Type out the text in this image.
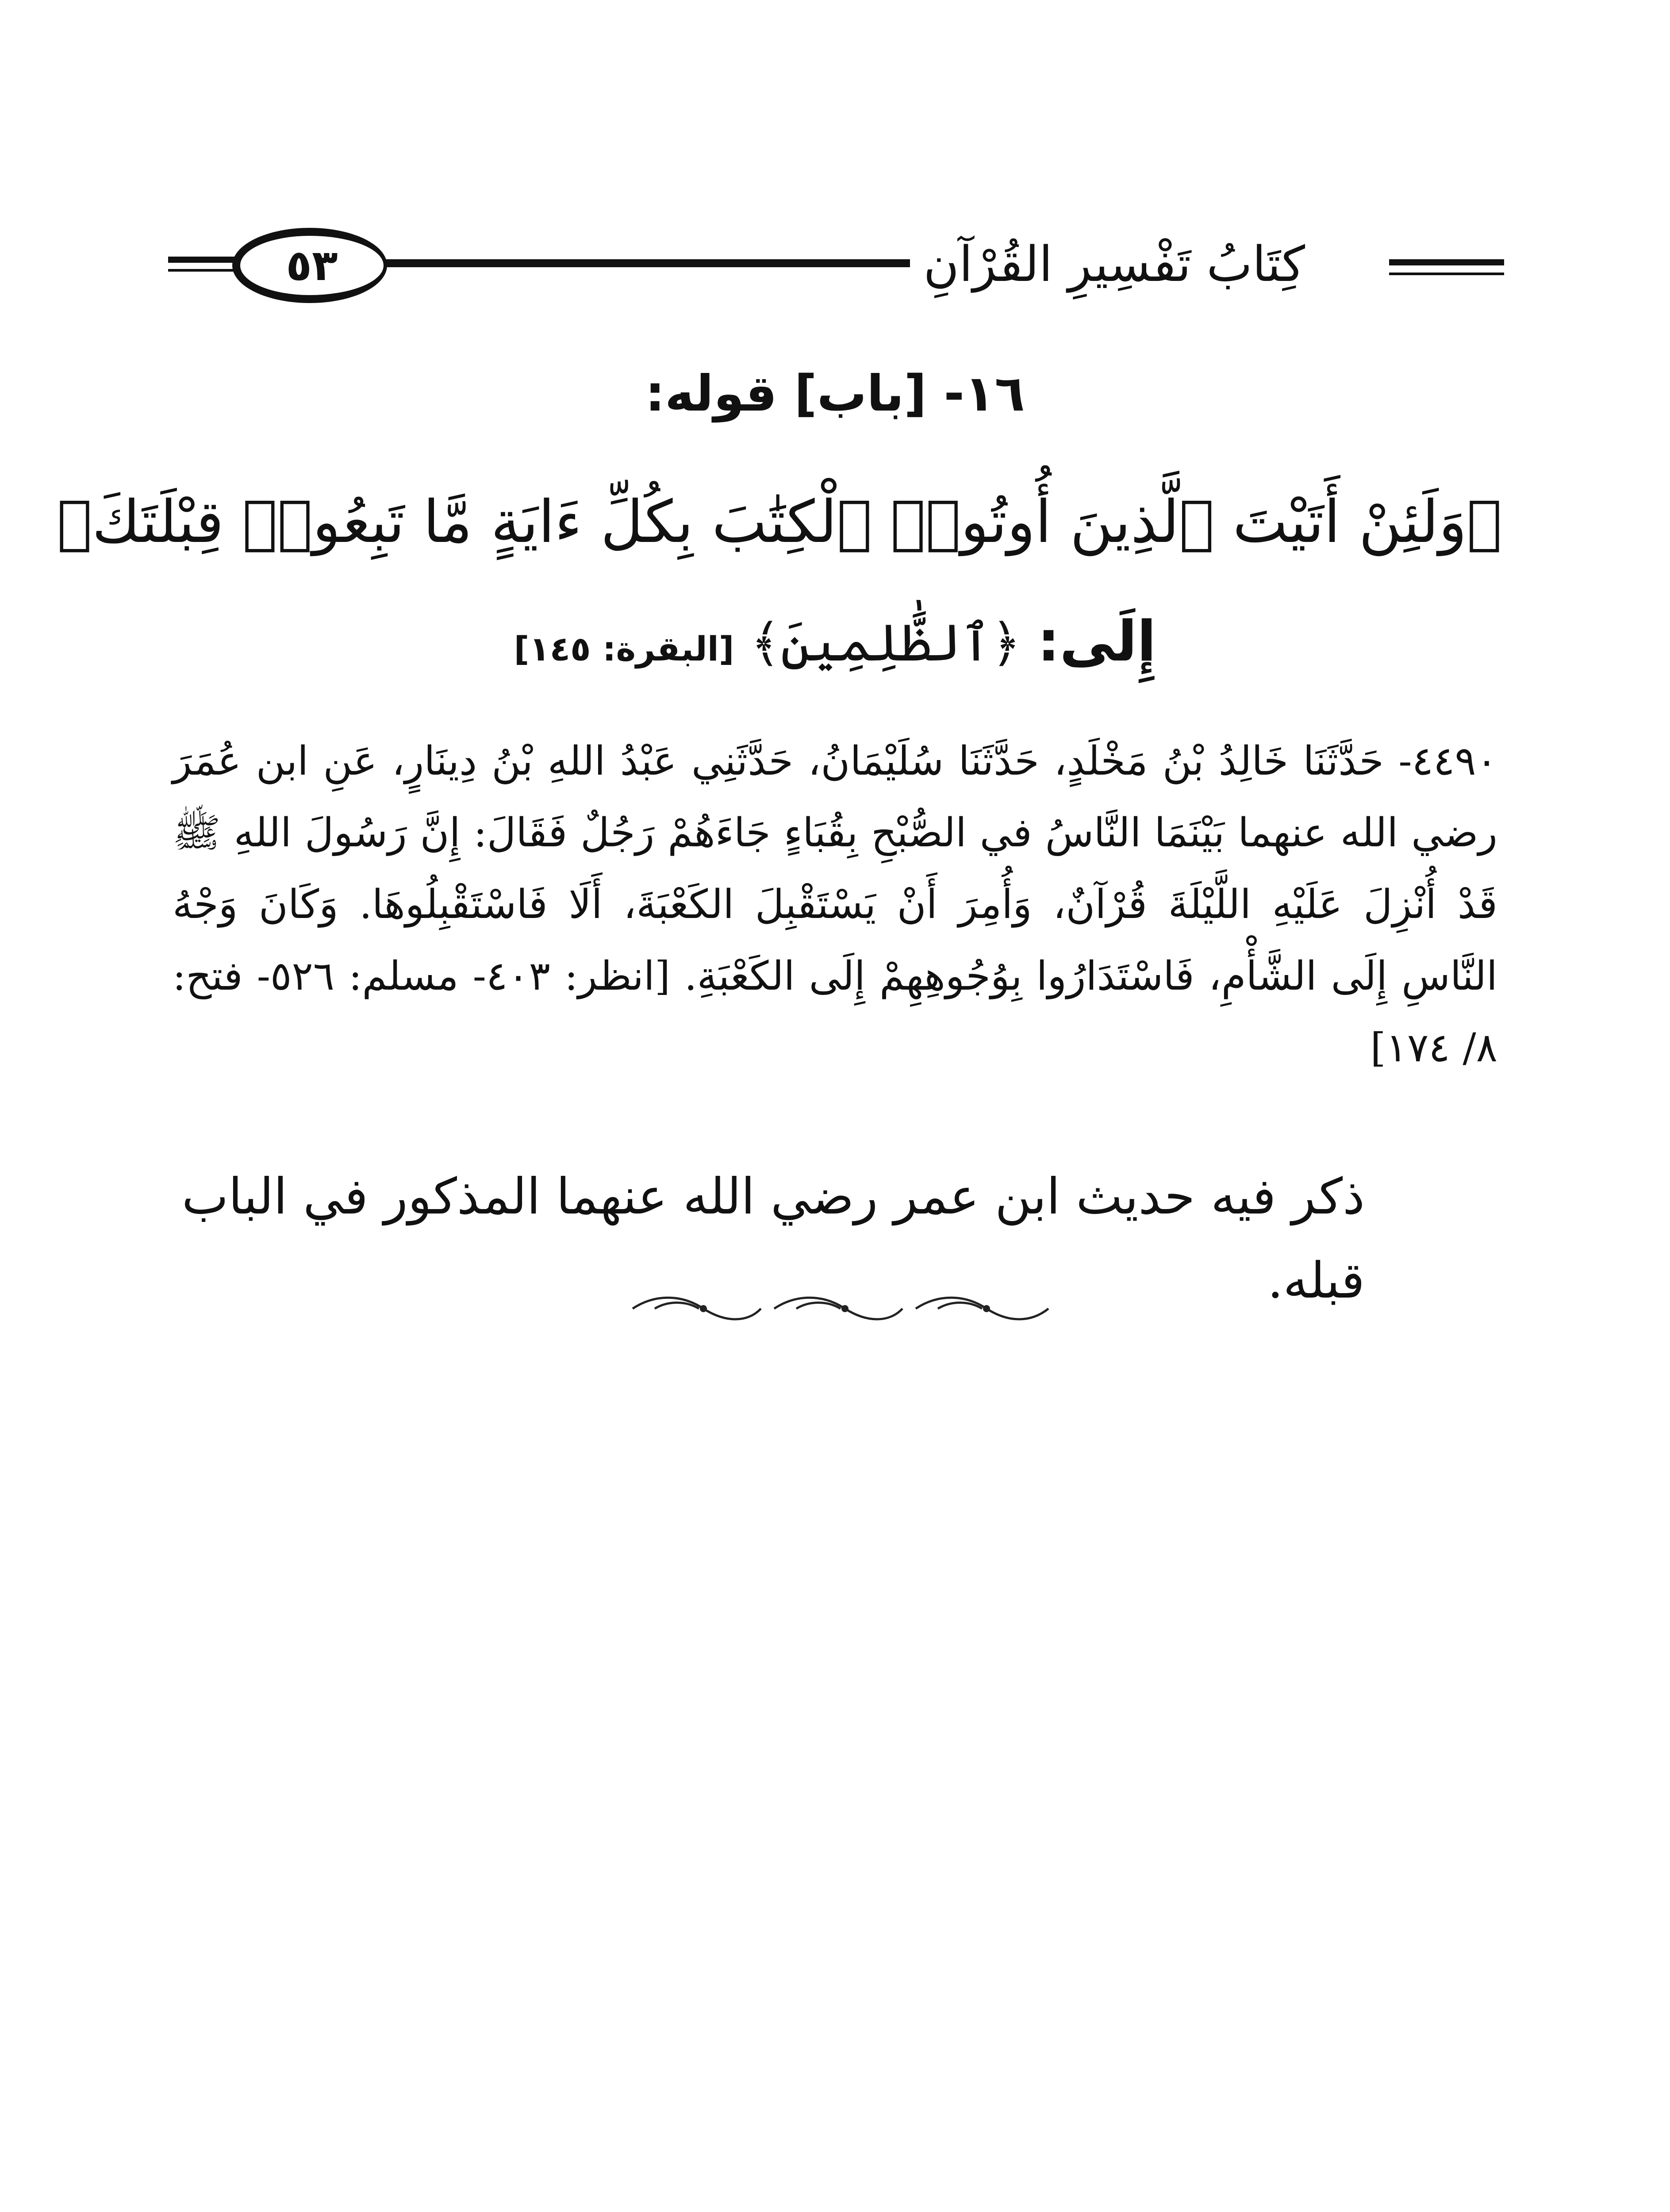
٥٣	كِتَابُ تَفْسِيرِ القُرْآنِ
١٦- [باب] قوله:
﴿وَلَئِنْ أَتَيْتَ ٱلَّذِينَ أُوتُوا۟ ٱلْكِتَٰبَ بِكُلِّ ءَايَةٍ مَّا تَبِعُوا۟ قِبْلَتَكَ﴾
إِلَى: ﴿ٱلظَّٰلِمِينَ﴾ [البقرة: ١٤٥]
٤٤٩٠- حَدَّثَنَا خَالِدُ بْنُ مَخْلَدٍ، حَدَّثَنَا سُلَيْمَانُ، حَدَّثَنِي عَبْدُ اللهِ بْنُ دِينَارٍ، عَنِ ابن عُمَرَ رضي الله عنهما بَيْنَمَا النَّاسُ في الصُّبْحِ بِقُبَاءٍ جَاءَهُمْ رَجُلٌ فَقَالَ: إِنَّ رَسُولَ اللهِ ﷺ قَدْ أُنْزِلَ عَلَيْهِ اللَّيْلَةَ قُرْآنٌ، وَأُمِرَ أَنْ يَسْتَقْبِلَ الكَعْبَةَ، أَلَا فَاسْتَقْبِلُوهَا. وَكَانَ وَجْهُ النَّاسِ إِلَى الشَّأْمِ، فَاسْتَدَارُوا بِوُجُوهِهِمْ إِلَى الكَعْبَةِ. [انظر: ٤٠٣- مسلم: ٥٢٦- فتح: ٨/ ١٧٤]
ذكر فيه حديث ابن عمر رضي الله عنهما المذكور في الباب قبله.
